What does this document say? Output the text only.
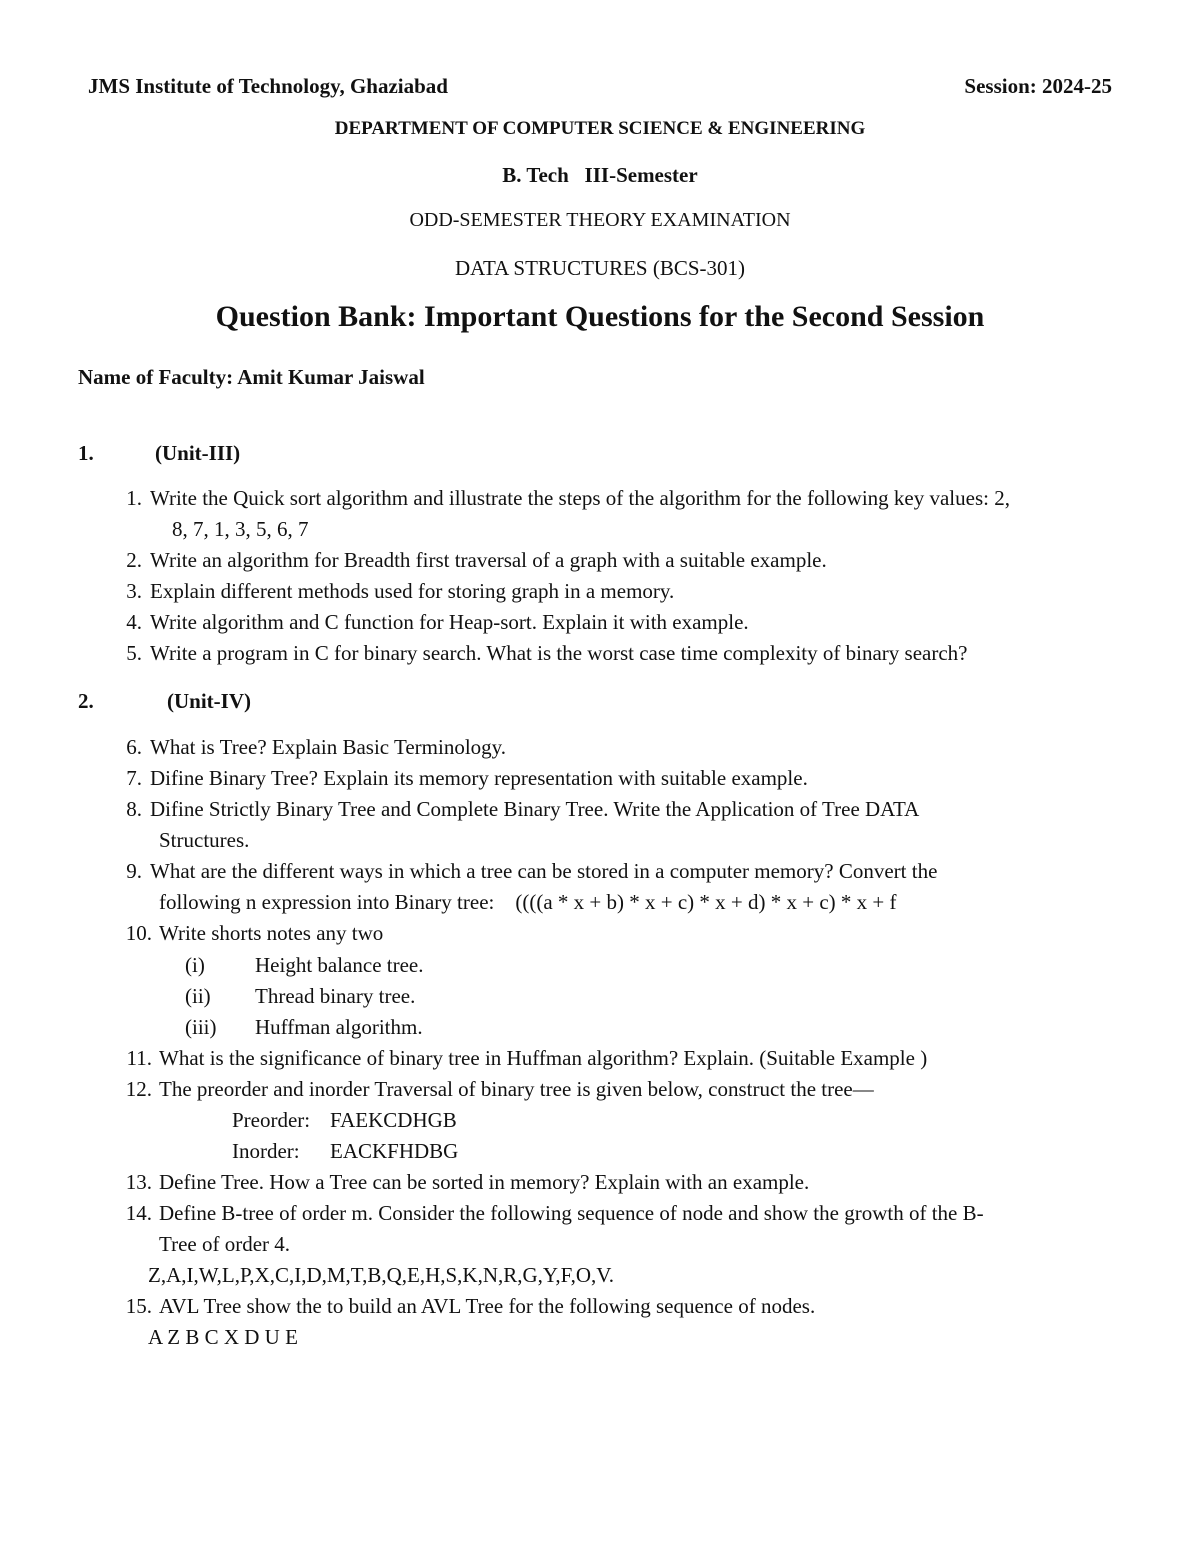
JMS Institute of Technology, Ghaziabad	Session: 2024-25
DEPARTMENT OF COMPUTER SCIENCE & ENGINEERING
B. Tech   III-Semester
ODD-SEMESTER THEORY EXAMINATION
DATA STRUCTURES (BCS-301)
Question Bank: Important Questions for the Second Session
Name of Faculty: Amit Kumar Jaiswal
1.	(Unit-III)
1. Write the Quick sort algorithm and illustrate the steps of the algorithm for the following key values: 2,
8, 7, 1, 3, 5, 6, 7
2. Write an algorithm for Breadth first traversal of a graph with a suitable example.
3. Explain different methods used for storing graph in a memory.
4. Write algorithm and C function for Heap-sort. Explain it with example.
5. Write a program in C for binary search. What is the worst case time complexity of binary search?
2.	(Unit-IV)
6. What is Tree? Explain Basic Terminology.
7. Difine Binary Tree? Explain its memory representation with suitable example.
8. Difine Strictly Binary Tree and Complete Binary Tree. Write the Application of Tree DATA
Structures.
9. What are the different ways in which a tree can be stored in a computer memory? Convert the
following n expression into Binary tree:    ((((a * x + b) * x + c) * x + d) * x + c) * x + f
10. Write shorts notes any two
(i) Height balance tree.
(ii) Thread binary tree.
(iii) Huffman algorithm.
11. What is the significance of binary tree in Huffman algorithm? Explain. (Suitable Example )
12. The preorder and inorder Traversal of binary tree is given below, construct the tree—
Preorder: FAEKCDHGB
Inorder: EACKFHDBG
13. Define Tree. How a Tree can be sorted in memory? Explain with an example.
14. Define B-tree of order m. Consider the following sequence of node and show the growth of the B-
Tree of order 4.
Z,A,I,W,L,P,X,C,I,D,M,T,B,Q,E,H,S,K,N,R,G,Y,F,O,V.
15. AVL Tree show the to build an AVL Tree for the following sequence of nodes.
A Z B C X D U E
